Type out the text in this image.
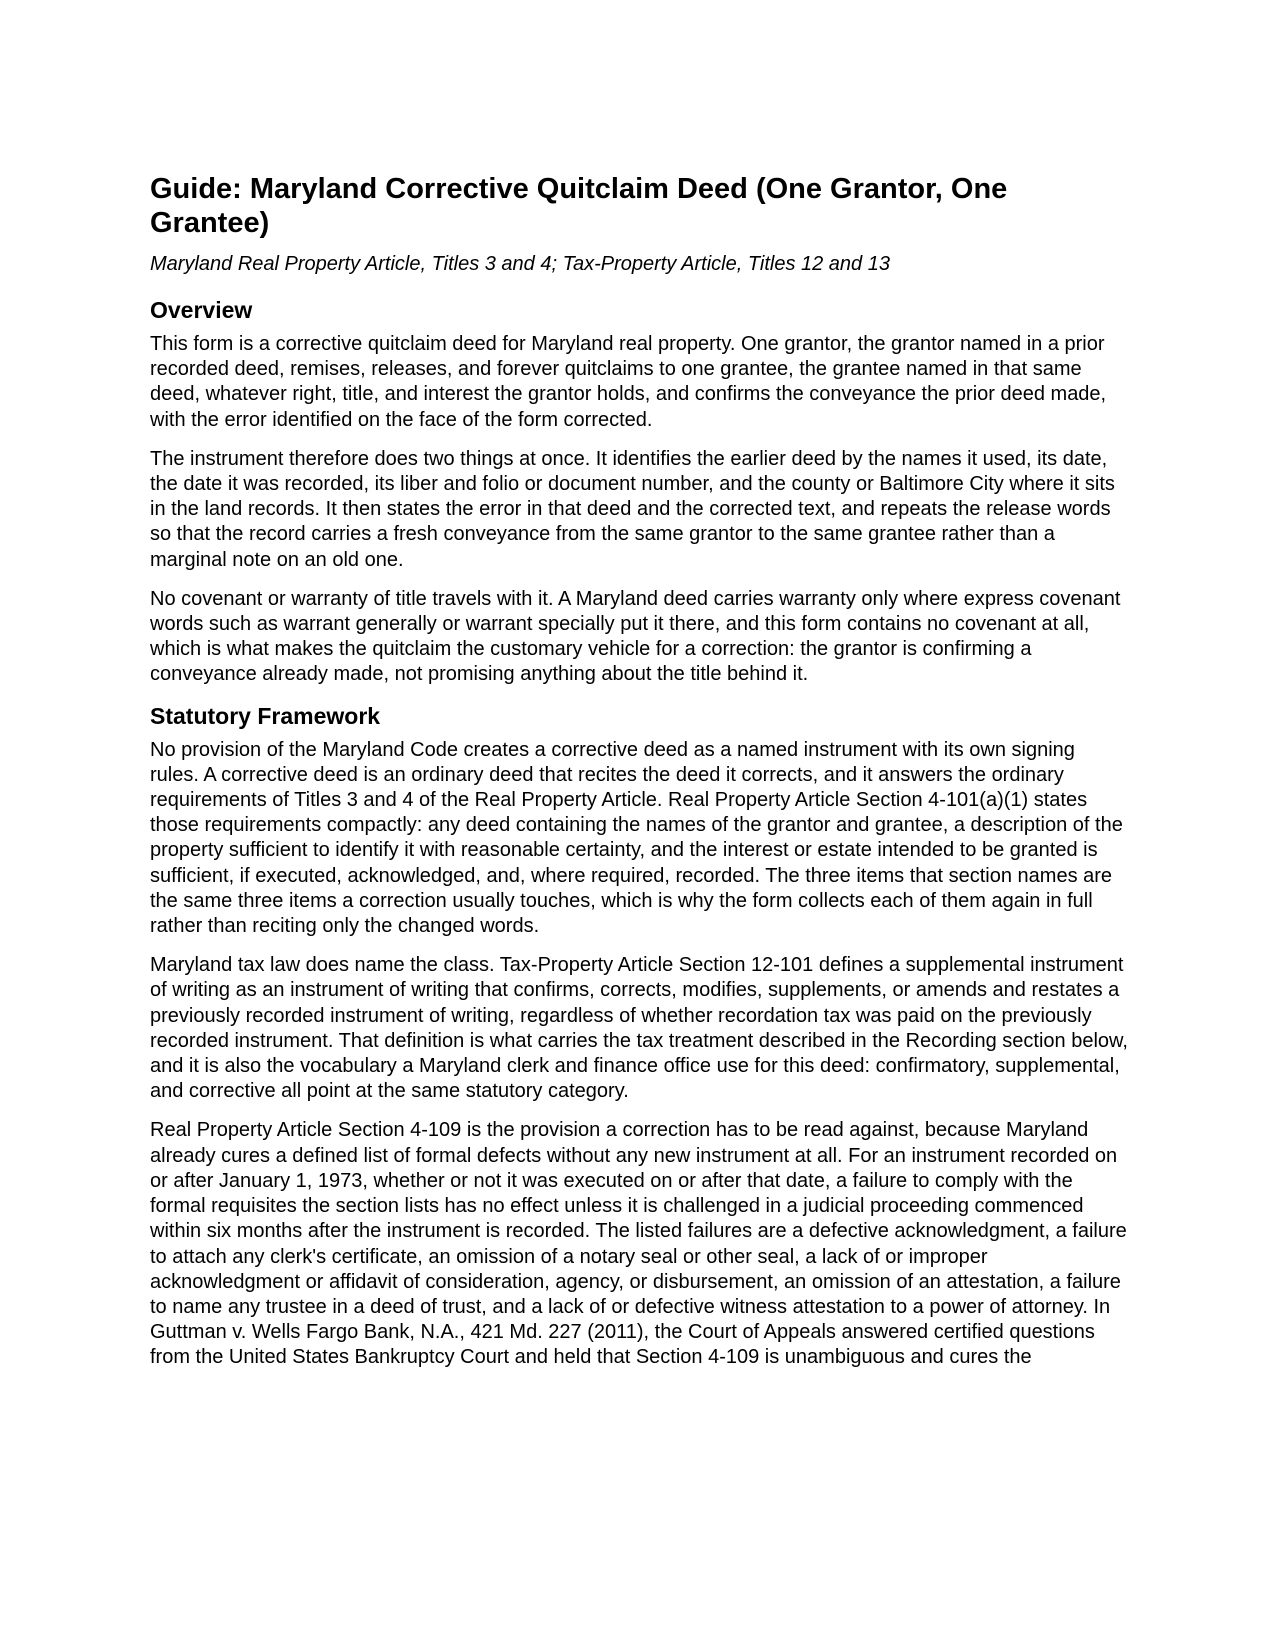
Guide: Maryland Corrective Quitclaim Deed (One Grantor, One Grantee)
Maryland Real Property Article, Titles 3 and 4; Tax-Property Article, Titles 12 and 13
Overview

This form is a corrective quitclaim deed for Maryland real property. One grantor, the grantor named in a prior recorded deed, remises, releases, and forever quitclaims to one grantee, the grantee named in that same deed, whatever right, title, and interest the grantor holds, and confirms the conveyance the prior deed made, with the error identified on the face of the form corrected.

The instrument therefore does two things at once. It identifies the earlier deed by the names it used, its date, the date it was recorded, its liber and folio or document number, and the county or Baltimore City where it sits in the land records. It then states the error in that deed and the corrected text, and repeats the release words so that the record carries a fresh conveyance from the same grantor to the same grantee rather than a marginal note on an old one.

No covenant or warranty of title travels with it. A Maryland deed carries warranty only where express covenant words such as warrant generally or warrant specially put it there, and this form contains no covenant at all, which is what makes the quitclaim the customary vehicle for a correction: the grantor is confirming a conveyance already made, not promising anything about the title behind it.

Statutory Framework

No provision of the Maryland Code creates a corrective deed as a named instrument with its own signing rules. A corrective deed is an ordinary deed that recites the deed it corrects, and it answers the ordinary requirements of Titles 3 and 4 of the Real Property Article. Real Property Article Section 4-101(a)(1) states those requirements compactly: any deed containing the names of the grantor and grantee, a description of the property sufficient to identify it with reasonable certainty, and the interest or estate intended to be granted is sufficient, if executed, acknowledged, and, where required, recorded. The three items that section names are the same three items a correction usually touches, which is why the form collects each of them again in full rather than reciting only the changed words.

Maryland tax law does name the class. Tax-Property Article Section 12-101 defines a supplemental instrument of writing as an instrument of writing that confirms, corrects, modifies, supplements, or amends and restates a previously recorded instrument of writing, regardless of whether recordation tax was paid on the previously recorded instrument. That definition is what carries the tax treatment described in the Recording section below, and it is also the vocabulary a Maryland clerk and finance office use for this deed: confirmatory, supplemental, and corrective all point at the same statutory category.

Real Property Article Section 4-109 is the provision a correction has to be read against, because Maryland already cures a defined list of formal defects without any new instrument at all. For an instrument recorded on or after January 1, 1973, whether or not it was executed on or after that date, a failure to comply with the formal requisites the section lists has no effect unless it is challenged in a judicial proceeding commenced within six months after the instrument is recorded. The listed failures are a defective acknowledgment, a failure to attach any clerk's certificate, an omission of a notary seal or other seal, a lack of or improper acknowledgment or affidavit of consideration, agency, or disbursement, an omission of an attestation, a failure to name any trustee in a deed of trust, and a lack of or defective witness attestation to a power of attorney. In Guttman v. Wells Fargo Bank, N.A., 421 Md. 227 (2011), the Court of Appeals answered certified questions from the United States Bankruptcy Court and held that Section 4-109 is unambiguous and cures the
